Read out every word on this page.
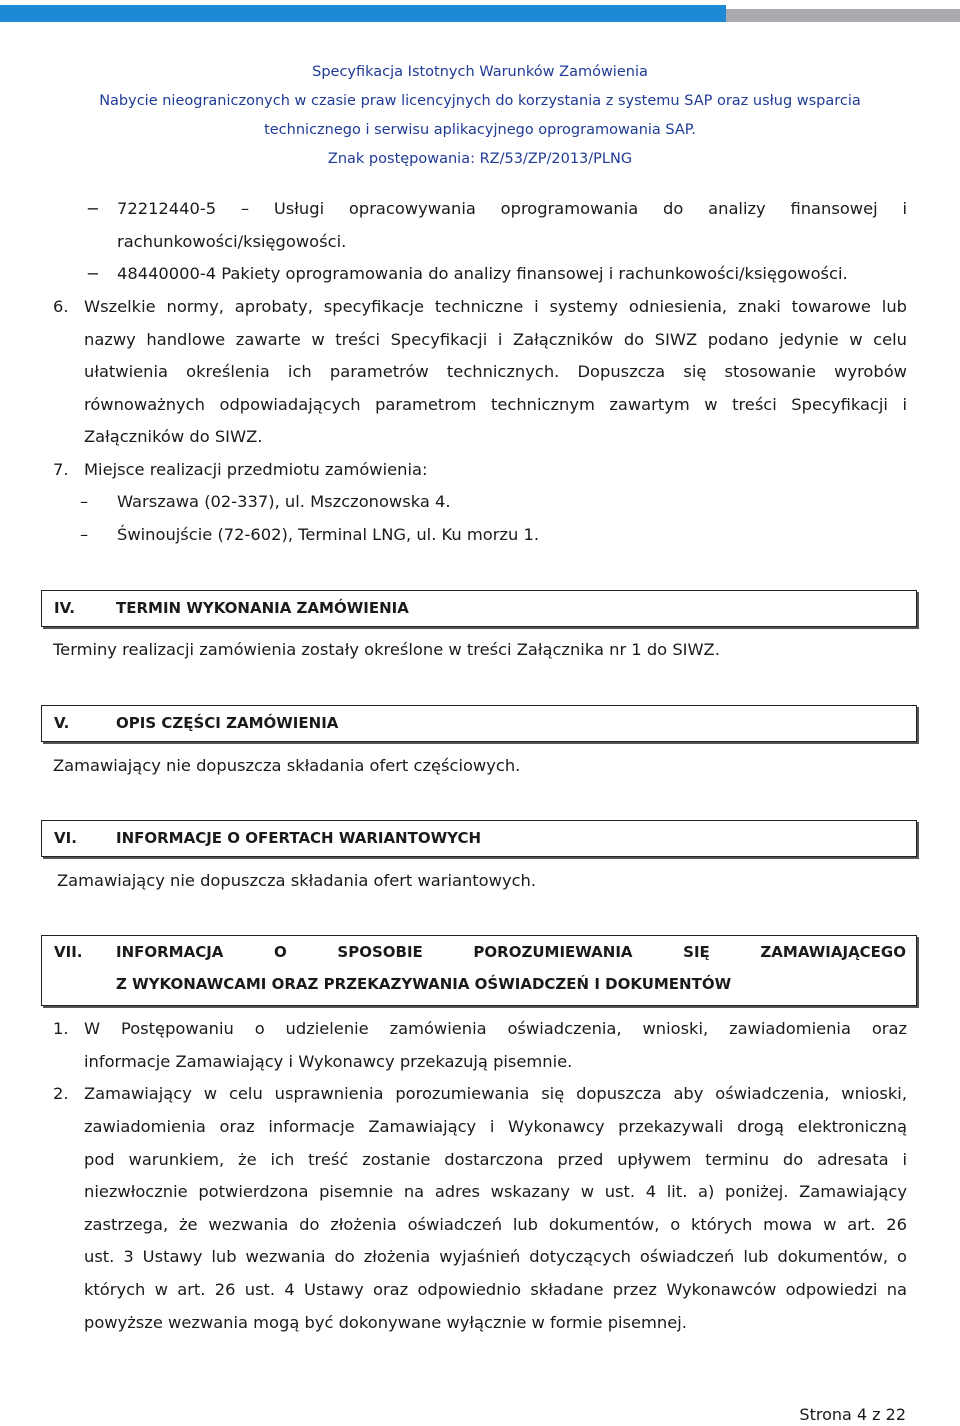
Specyfikacja Istotnych Warunków Zamówienia
Nabycie nieograniczonych w czasie praw licencyjnych do korzystania z systemu SAP oraz usług wsparcia
technicznego i serwisu aplikacyjnego oprogramowania SAP.
Znak postępowania: RZ/53/ZP/2013/PLNG
− 72212440-5 – Usługi opracowywania oprogramowania do analizy finansowej i
rachunkowości/księgowości.
− 48440000-4 Pakiety oprogramowania do analizy finansowej i rachunkowości/księgowości.
6. Wszelkie normy, aprobaty, specyfikacje techniczne i systemy odniesienia, znaki towarowe lub
nazwy handlowe zawarte w treści Specyfikacji i Załączników do SIWZ podano jedynie w celu
ułatwienia określenia ich parametrów technicznych. Dopuszcza się stosowanie wyrobów
równoważnych odpowiadających parametrom technicznym zawartym w treści Specyfikacji i
Załączników do SIWZ.
7. Miejsce realizacji przedmiotu zamówienia:
– Warszawa (02-337), ul. Mszczonowska 4.
– Świnoujście (72-602), Terminal LNG, ul. Ku morzu 1.
IV.	TERMIN WYKONANIA ZAMÓWIENIA
Terminy realizacji zamówienia zostały określone w treści Załącznika nr 1 do SIWZ.
V.	OPIS CZĘŚCI ZAMÓWIENIA
Zamawiający nie dopuszcza składania ofert częściowych.
VI.	INFORMACJE O OFERTACH WARIANTOWYCH
Zamawiający nie dopuszcza składania ofert wariantowych.
VII. INFORMACJA O SPOSOBIE POROZUMIEWANIA SIĘ ZAMAWIAJĄCEGO
Z WYKONAWCAMI ORAZ PRZEKAZYWANIA OŚWIADCZEŃ I DOKUMENTÓW
1. W Postępowaniu o udzielenie zamówienia oświadczenia, wnioski, zawiadomienia oraz
informacje Zamawiający i Wykonawcy przekazują pisemnie.
2. Zamawiający w celu usprawnienia porozumiewania się dopuszcza aby oświadczenia, wnioski,
zawiadomienia oraz informacje Zamawiający i Wykonawcy przekazywali drogą elektroniczną
pod warunkiem, że ich treść zostanie dostarczona przed upływem terminu do adresata i
niezwłocznie potwierdzona pisemnie na adres wskazany w ust. 4 lit. a) poniżej. Zamawiający
zastrzega, że wezwania do złożenia oświadczeń lub dokumentów, o których mowa w art. 26
ust. 3 Ustawy lub wezwania do złożenia wyjaśnień dotyczących oświadczeń lub dokumentów, o
których w art. 26 ust. 4 Ustawy oraz odpowiednio składane przez Wykonawców odpowiedzi na
powyższe wezwania mogą być dokonywane wyłącznie w formie pisemnej.
Strona 4 z 22
